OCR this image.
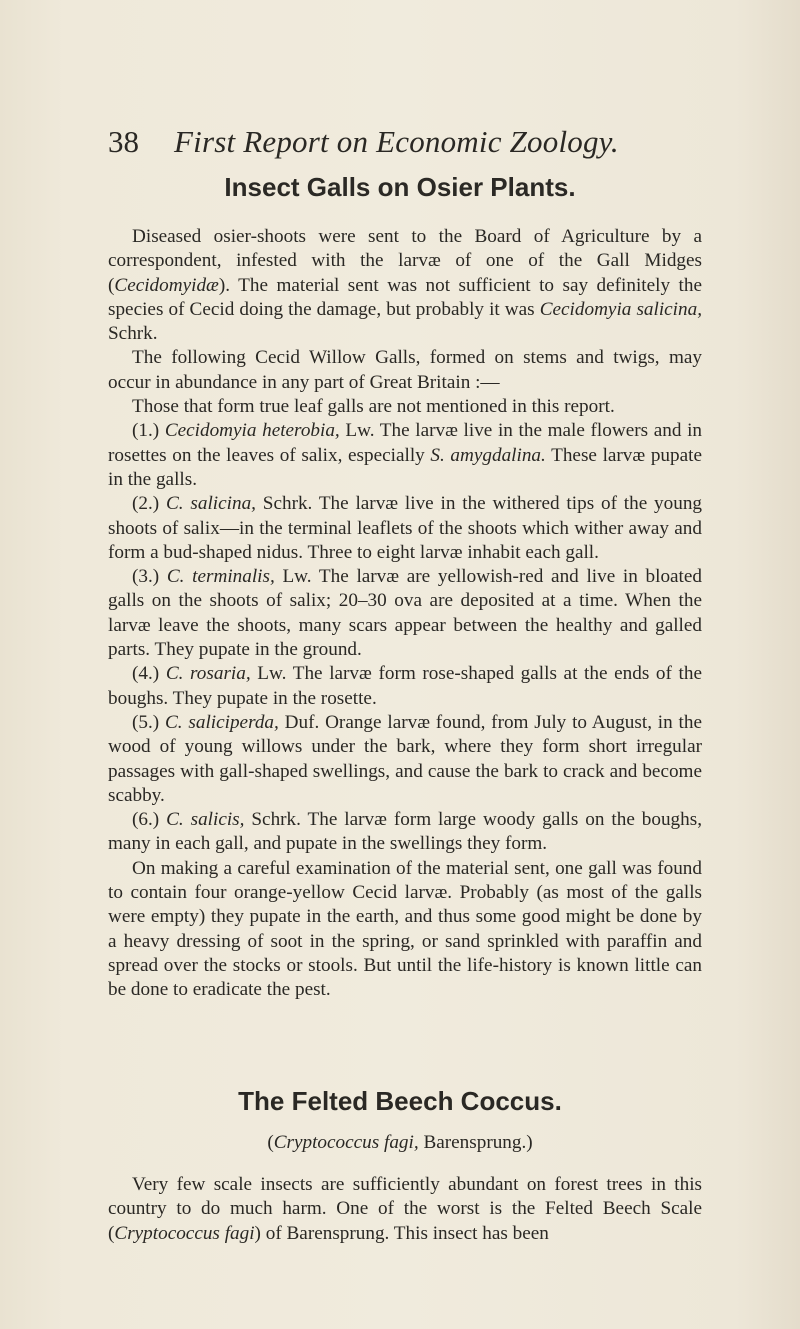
38 First Report on Economic Zoology.
Insect Galls on Osier Plants.

Diseased osier-shoots were sent to the Board of Agriculture by a correspondent, infested with the larvæ of one of the Gall Midges (Cecidomyidæ). The material sent was not sufficient to say definitely the species of Cecid doing the damage, but probably it was Cecidomyia salicina, Schrk.

The following Cecid Willow Galls, formed on stems and twigs, may occur in abundance in any part of Great Britain :—

Those that form true leaf galls are not mentioned in this report.

(1.) Cecidomyia heterobia, Lw. The larvæ live in the male flowers and in rosettes on the leaves of salix, especially S. amygdalina. These larvæ pupate in the galls.

(2.) C. salicina, Schrk. The larvæ live in the withered tips of the young shoots of salix—in the terminal leaflets of the shoots which wither away and form a bud-shaped nidus. Three to eight larvæ inhabit each gall.

(3.) C. terminalis, Lw. The larvæ are yellowish-red and live in bloated galls on the shoots of salix; 20–30 ova are deposited at a time. When the larvæ leave the shoots, many scars appear between the healthy and galled parts. They pupate in the ground.

(4.) C. rosaria, Lw. The larvæ form rose-shaped galls at the ends of the boughs. They pupate in the rosette.

(5.) C. saliciperda, Duf. Orange larvæ found, from July to August, in the wood of young willows under the bark, where they form short irregular passages with gall-shaped swellings, and cause the bark to crack and become scabby.

(6.) C. salicis, Schrk. The larvæ form large woody galls on the boughs, many in each gall, and pupate in the swellings they form.

On making a careful examination of the material sent, one gall was found to contain four orange-yellow Cecid larvæ. Probably (as most of the galls were empty) they pupate in the earth, and thus some good might be done by a heavy dressing of soot in the spring, or sand sprinkled with paraffin and spread over the stocks or stools. But until the life-history is known little can be done to eradicate the pest.

The Felted Beech Coccus.
(Cryptococcus fagi, Barensprung.)

Very few scale insects are sufficiently abundant on forest trees in this country to do much harm. One of the worst is the Felted Beech Scale (Cryptococcus fagi) of Barensprung. This insect has been
